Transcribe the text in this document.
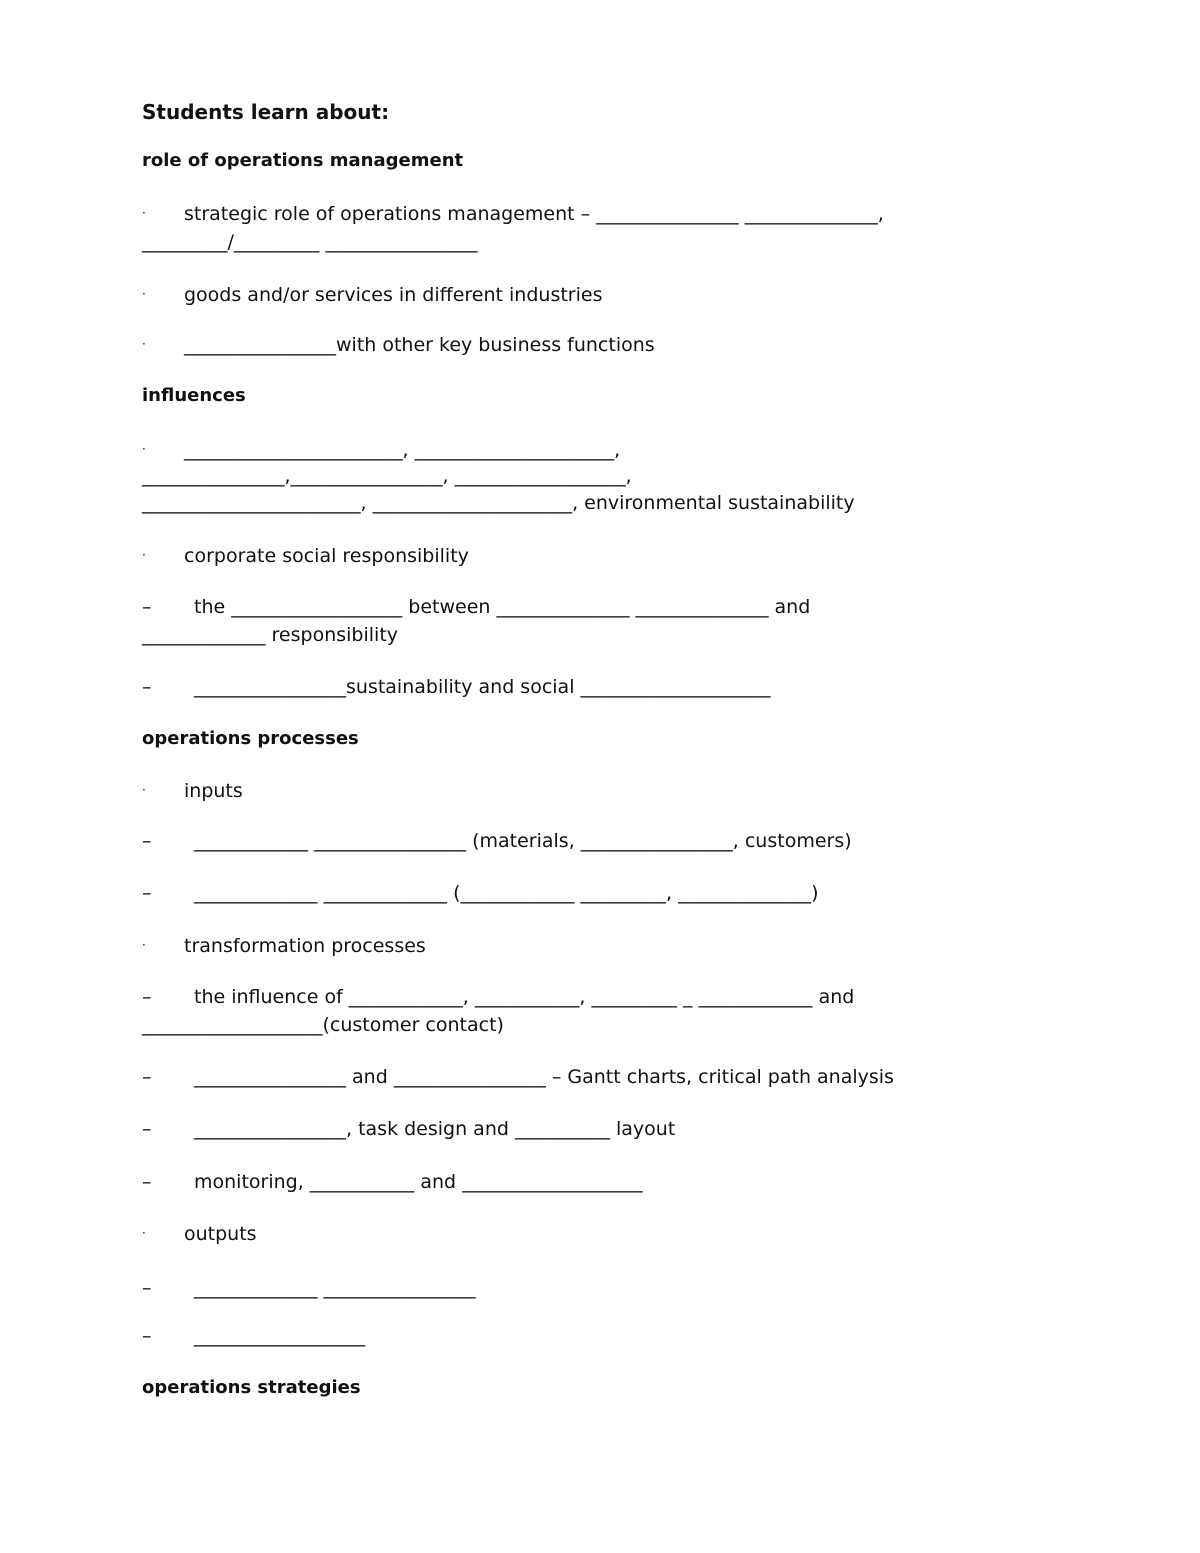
Students learn about:
role of operations management
· strategic role of operations management – _______________ ______________,
_________/_________ ________________
· goods and/or services in different industries
· ________________with other key business functions
influences
· _______________________, _____________________,
_______________,________________, __________________,
_______________________, _____________________, environmental sustainability
· corporate social responsibility
– the __________________ between ______________ ______________ and
_____________ responsibility
– ________________sustainability and social ____________________
operations processes
· inputs
– ____________ ________________ (materials, ________________, customers)
– _____________ _____________ (____________ _________, ______________)
· transformation processes
– the influence of ____________, ___________, _________ _ ____________ and
___________________(customer contact)
– ________________ and ________________ – Gantt charts, critical path analysis
– ________________, task design and __________ layout
– monitoring, ___________ and ___________________
· outputs
– _____________ ________________
– __________________
operations strategies
